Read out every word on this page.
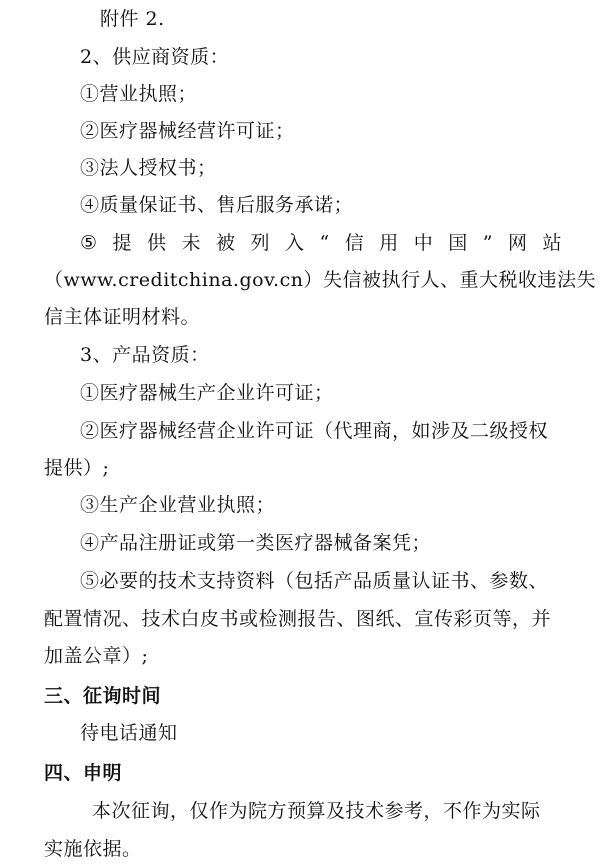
附件 2.
2、供应商资质：
①营业执照；
②医疗器械经营许可证；
③法人授权书；
④质量保证书、售后服务承诺；
⑤ 提 供 未 被 列 入 “ 信 用 中 国 ” 网 站
（www.creditchina.gov.cn）失信被执行人、重大税收违法失
信主体证明材料。
3、产品资质：
①医疗器械生产企业许可证；
②医疗器械经营企业许可证（代理商，如涉及二级授权
提供）;
③生产企业营业执照；
④产品注册证或第一类医疗器械备案凭；
⑤必要的技术支持资料（包括产品质量认证书、参数、
配置情况、技术白皮书或检测报告、图纸、宣传彩页等，并
加盖公章）;
三、征询时间
待电话通知
四、申明
本次征询，仅作为院方预算及技术参考，不作为实际
实施依据。
